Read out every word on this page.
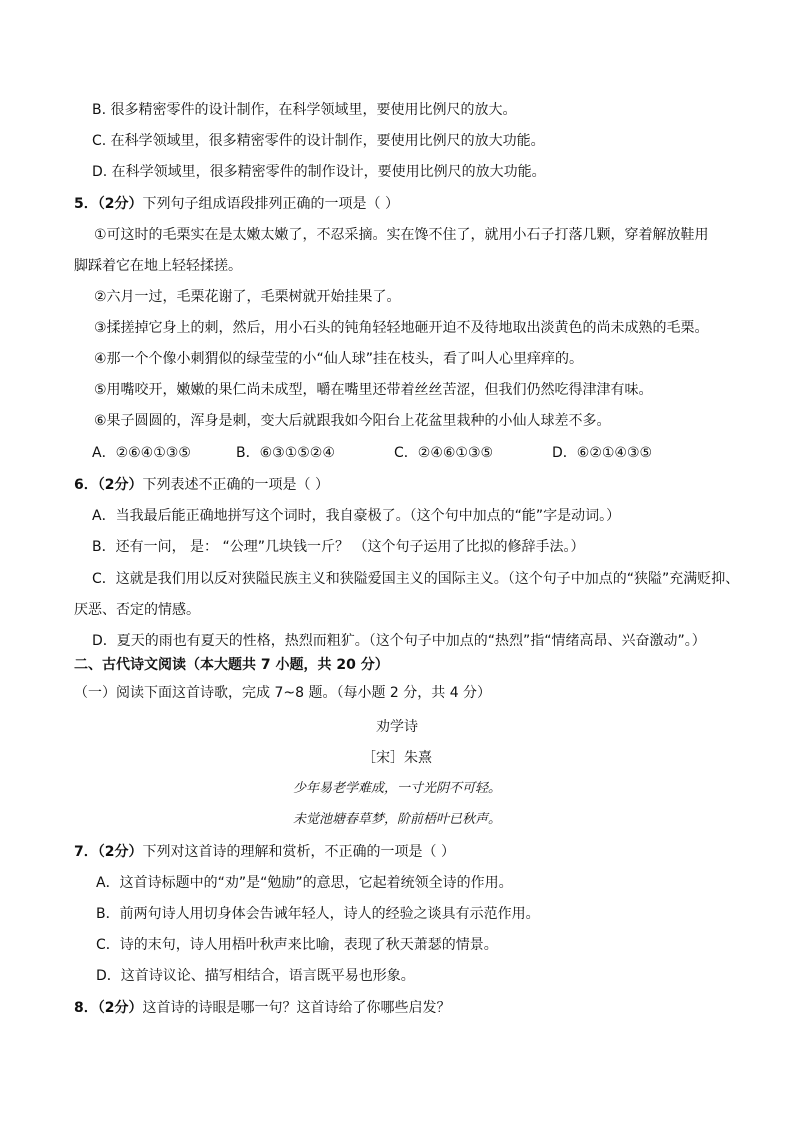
B. 很多精密零件的设计制作，在科学领域里，要使用比例尺的放大。
C. 在科学领域里，很多精密零件的设计制作，要使用比例尺的放大功能。
D. 在科学领域里，很多精密零件的制作设计，要使用比例尺的放大功能。
5．（2分）下列句子组成语段排列正确的一项是（ ）
①可这时的毛栗实在是太嫩太嫩了，不忍采摘。实在馋不住了，就用小石子打落几颗，穿着解放鞋用
脚踩着它在地上轻轻揉搓。
②六月一过，毛栗花谢了，毛栗树就开始挂果了。
③揉搓掉它身上的刺，然后，用小石头的钝角轻轻地砸开迫不及待地取出淡黄色的尚未成熟的毛栗。
④那一个个像小刺猬似的绿莹莹的小“仙人球”挂在枝头，看了叫人心里痒痒的。
⑤用嘴咬开，嫩嫩的果仁尚未成型，嚼在嘴里还带着丝丝苦涩，但我们仍然吃得津津有味。
⑥果子圆圆的，浑身是刺，变大后就跟我如今阳台上花盆里栽种的小仙人球差不多。
A．②⑥④①③⑤	B．⑥③①⑤②④	C．②④⑥①③⑤	D．⑥②①④③⑤
6．（2分）下列表述不正确的一项是（ ）
A．当我最后能正确地拼写这个词时，我自豪极了。（这个句中加点的“能”字是动词。）
B．还有一问， 是： “公理”几块钱一斤？ （这个句子运用了比拟的修辞手法。）
C．这就是我们用以反对狭隘民族主义和狭隘爱国主义的国际主义。（这个句子中加点的“狭隘”充满贬抑、
厌恶、否定的情感。
D．夏天的雨也有夏天的性格，热烈而粗犷。（这个句子中加点的“热烈”指“情绪高昂、兴奋激动”。）
二、古代诗文阅读（本大题共 7 小题，共 20 分）
（一）阅读下面这首诗歌，完成 7~8 题。（每小题 2 分，共 4 分）
劝学诗
［宋］朱熹
少年易老学难成，一寸光阴不可轻。
未觉池塘春草梦，阶前梧叶已秋声。
7．（2分）下列对这首诗的理解和赏析，不正确的一项是（ ）
A．这首诗标题中的“劝”是“勉励”的意思，它起着统领全诗的作用。
B．前两句诗人用切身体会告诫年轻人，诗人的经验之谈具有示范作用。
C．诗的末句，诗人用梧叶秋声来比喻，表现了秋天萧瑟的情景。
D．这首诗议论、描写相结合，语言既平易也形象。
8．（2分）这首诗的诗眼是哪一句？这首诗给了你哪些启发？
